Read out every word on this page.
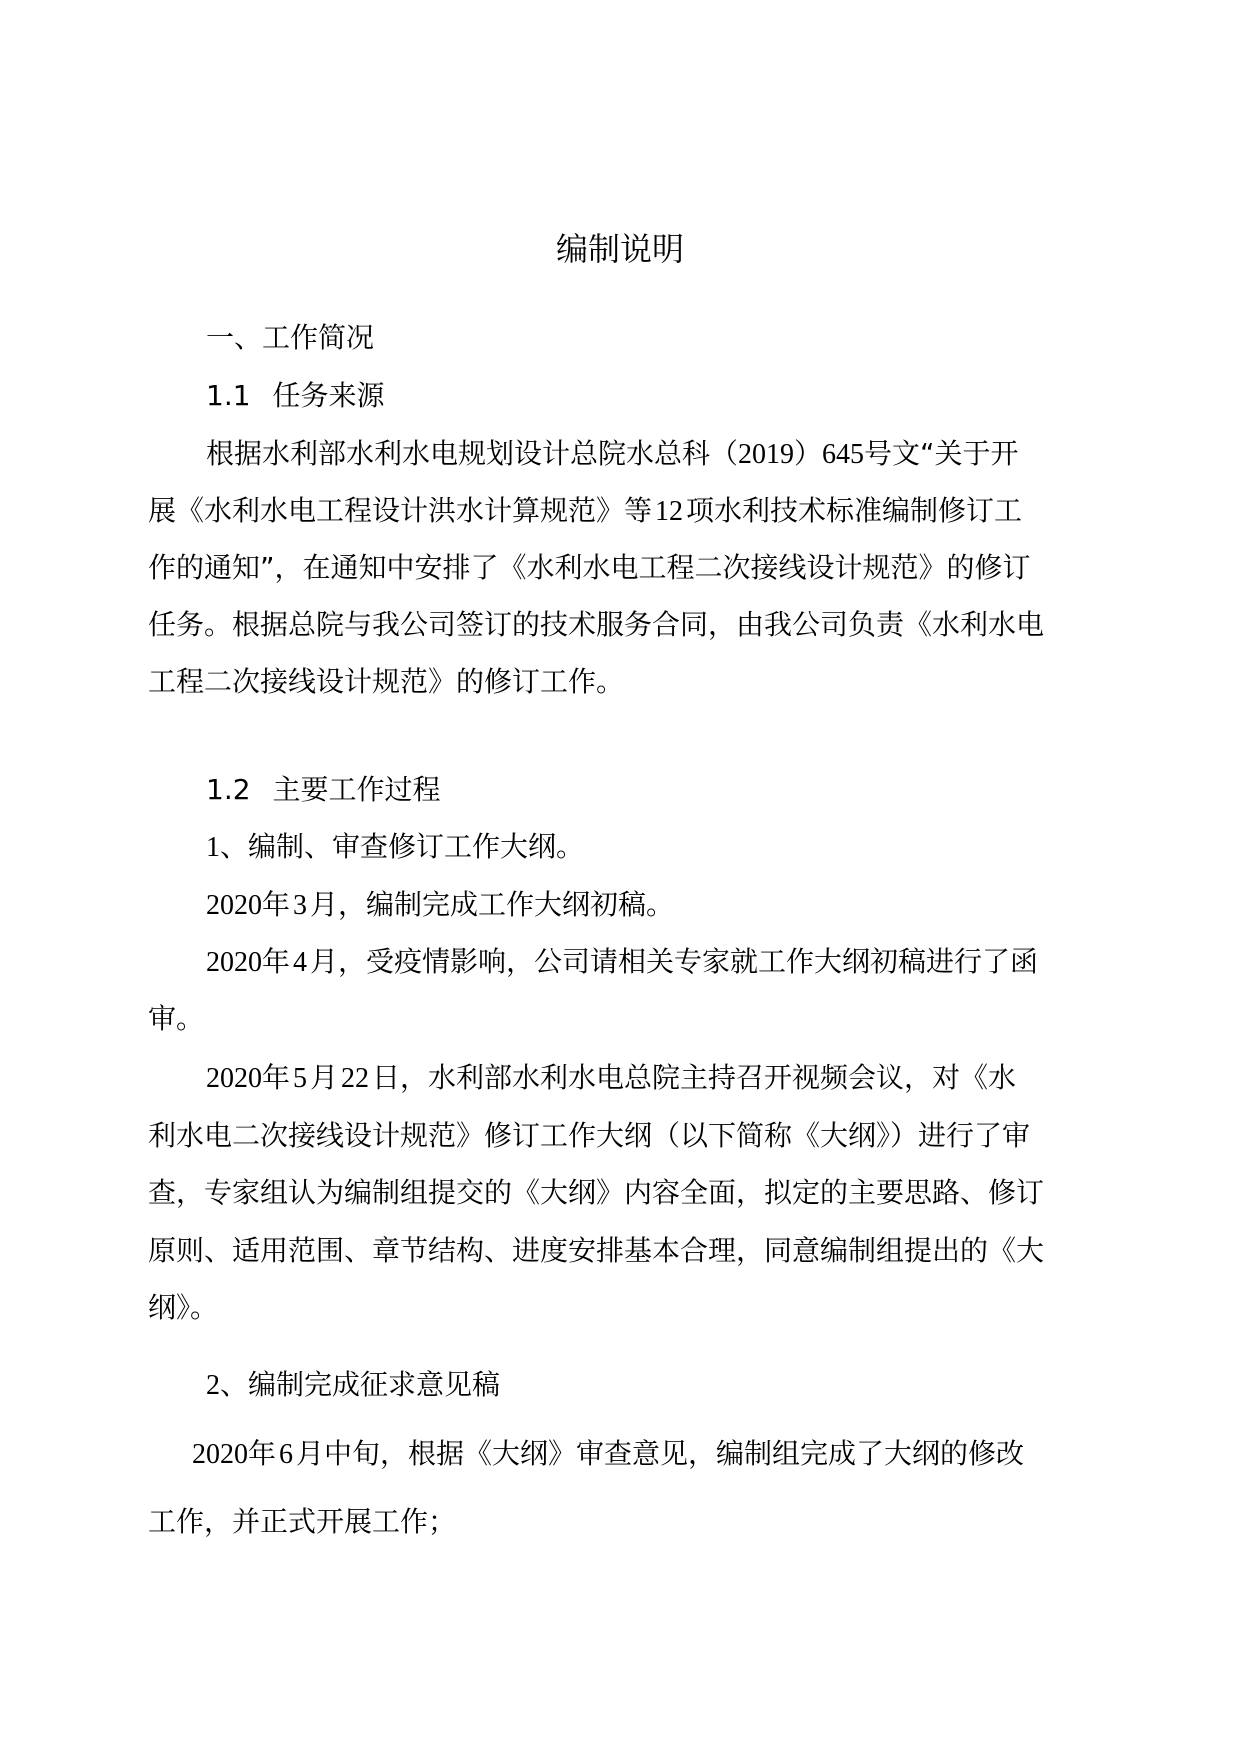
编制说明

一、工作简况

1.1 任务来源

根据水利部水利水电规划设计总院水总科（2019）645号文“关于开

展《水利水电工程设计洪水计算规范》等 12 项水利技术标准编制修订工

作的通知”，在通知中安排了《水利水电工程二次接线设计规范》的修订

任务。根据总院与我公司签订的技术服务合同，由我公司负责《水利水电

工程二次接线设计规范》的修订工作。

1.2 主要工作过程

1、编制、审查修订工作大纲。

2020年 3 月，编制完成工作大纲初稿。

2020年 4 月，受疫情影响，公司请相关专家就工作大纲初稿进行了函

审。

2020年 5 月 22 日，水利部水利水电总院主持召开视频会议，对《水

利水电二次接线设计规范》修订工作大纲（以下简称《大纲》）进行了审

查，专家组认为编制组提交的《大纲》内容全面，拟定的主要思路、修订

原则、适用范围、章节结构、进度安排基本合理，同意编制组提出的《大

纲》。

2、编制完成征求意见稿

2020年 6 月中旬，根据《大纲》审查意见，编制组完成了大纲的修改

工作，并正式开展工作；
